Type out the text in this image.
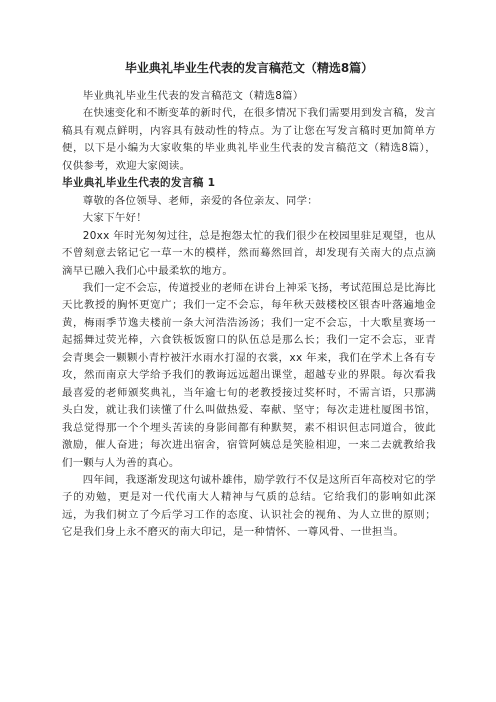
毕业典礼毕业生代表的发言稿范文（精选8篇）

毕业典礼毕业生代表的发言稿范文（精选8篇）

在快速变化和不断变革的新时代，在很多情况下我们需要用到发言稿，发言稿具有观点鲜明，内容具有鼓动性的特点。为了让您在写发言稿时更加简单方便，以下是小编为大家收集的毕业典礼毕业生代表的发言稿范文（精选8篇），仅供参考，欢迎大家阅读。

毕业典礼毕业生代表的发言稿 1

尊敬的各位领导、老师，亲爱的各位亲友、同学：

大家下午好！

20xx 年时光匆匆过往，总是抱怨太忙的我们很少在校园里驻足观望，也从不曾刻意去铭记它一草一木的模样，然而蓦然回首，却发现有关南大的点点滴滴早已融入我们心中最柔软的地方。

我们一定不会忘，传道授业的老师在讲台上神采飞扬，考试范围总是比海比天比教授的胸怀更宽广；我们一定不会忘，每年秋天鼓楼校区银杏叶落遍地金黄，梅雨季节逸夫楼前一条大河浩浩汤汤；我们一定不会忘，十大歌星赛场一起摇舞过荧光棒，六食铁板饭窗口的队伍总是那么长；我们一定不会忘，亚青会青奥会一颗颗小青柠被汗水雨水打湿的衣裳，xx 年来，我们在学术上各有专攻，然而南京大学给予我们的教诲远远超出课堂，超越专业的界限。每次看我最喜爱的老师颁奖典礼，当年逾七旬的老教授接过奖杯时，不需言语，只那满头白发，就让我们读懂了什么叫做热爱、奉献、坚守；每次走进杜厦图书馆，我总觉得那一个个埋头苦读的身影间都有种默契，素不相识但志同道合，彼此激励，催人奋进；每次进出宿舍，宿管阿姨总是笑脸相迎，一来二去就教给我们一颗与人为善的真心。

四年间，我逐渐发现这句诚朴雄伟，励学敦行不仅是这所百年高校对它的学子的劝勉，更是对一代代南大人精神与气质的总结。它给我们的影响如此深远，为我们树立了今后学习工作的态度、认识社会的视角、为人立世的原则；它是我们身上永不磨灭的南大印记，是一种情怀、一尊风骨、一世担当。
